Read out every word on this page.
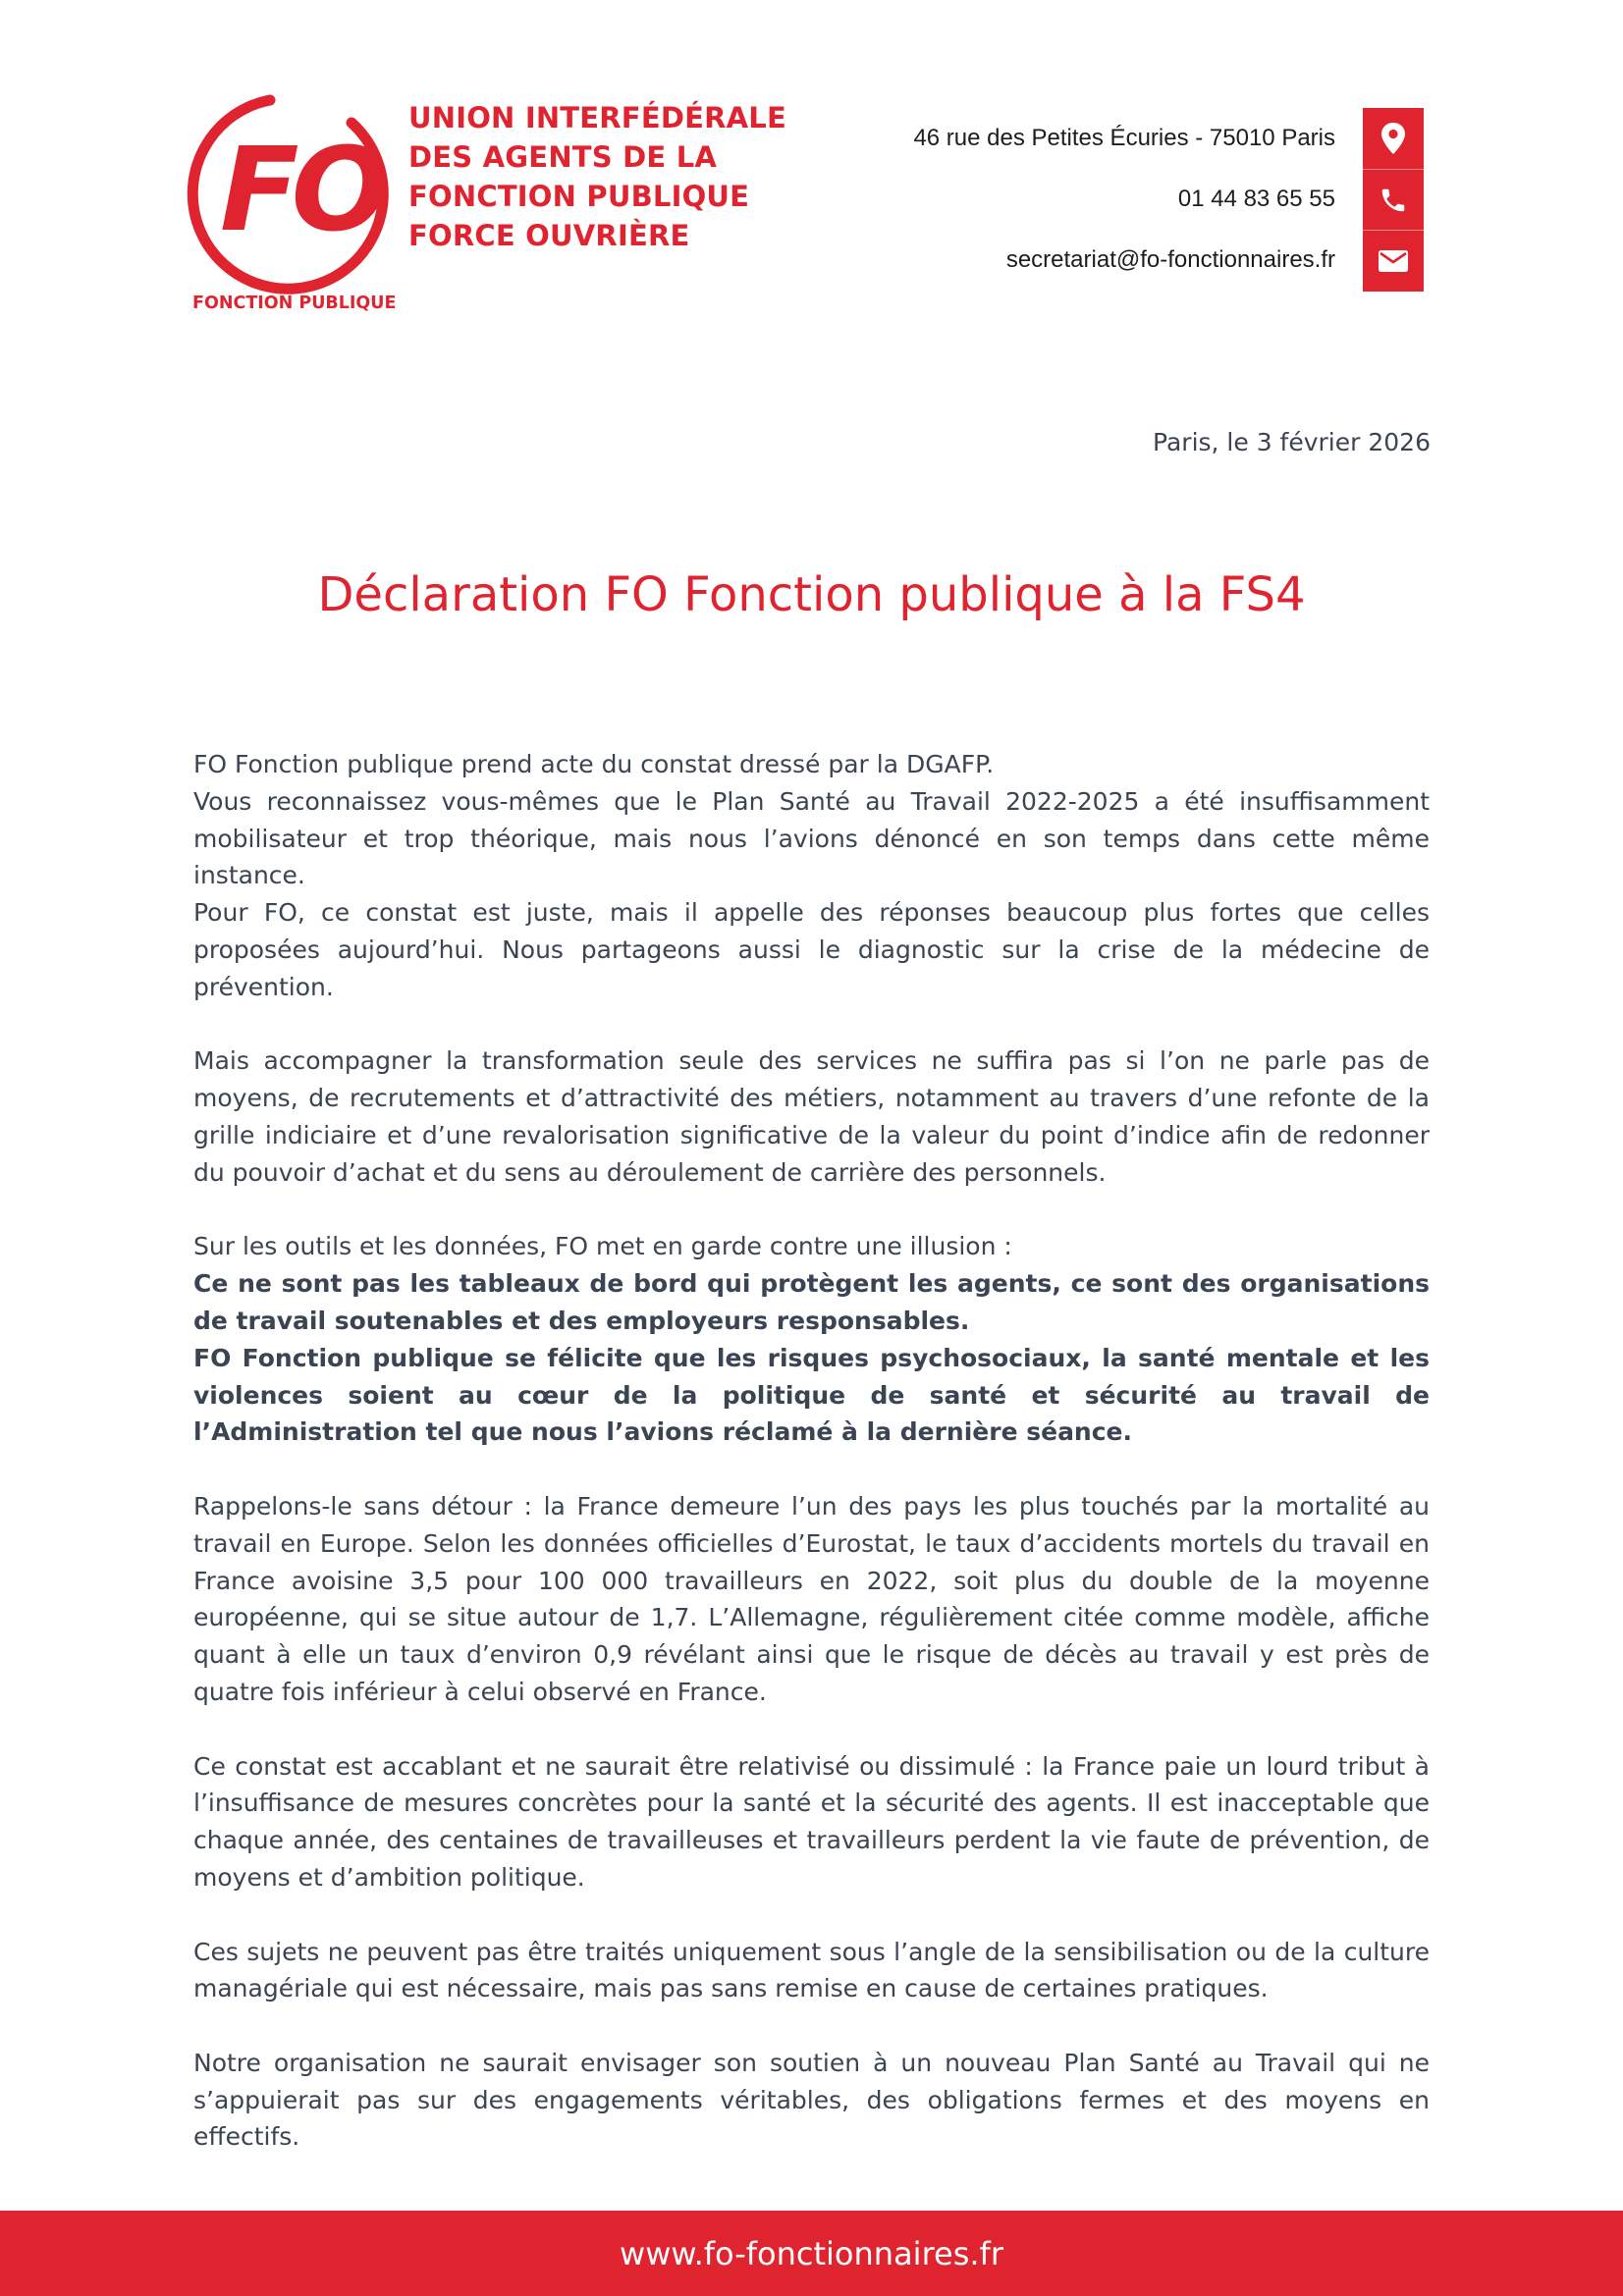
FO
FONCTION PUBLIQUE
UNION INTERFÉDÉRALE
DES AGENTS DE LA
FONCTION PUBLIQUE
FORCE OUVRIÈRE
46 rue des Petites Écuries - 75010 Paris
01 44 83 65 55
secretariat@fo-fonctionnaires.fr
Paris, le 3 février 2026
Déclaration FO Fonction publique à la FS4

FO Fonction publique prend acte du constat dressé par la DGAFP.
Vous reconnaissez vous-mêmes que le Plan Santé au Travail 2022-2025 a été insuffisamment mobilisateur et trop théorique, mais nous l’avions dénoncé en son temps dans cette même instance.
Pour FO, ce constat est juste, mais il appelle des réponses beaucoup plus fortes que celles proposées aujourd’hui. Nous partageons aussi le diagnostic sur la crise de la médecine de prévention.

Mais accompagner la transformation seule des services ne suffira pas si l’on ne parle pas de moyens, de recrutements et d’attractivité des métiers, notamment au travers d’une refonte de la grille indiciaire et d’une revalorisation significative de la valeur du point d’indice afin de redonner du pouvoir d’achat et du sens au déroulement de carrière des personnels.

Sur les outils et les données, FO met en garde contre une illusion :
Ce ne sont pas les tableaux de bord qui protègent les agents, ce sont des organisations de travail soutenables et des employeurs responsables.
FO Fonction publique se félicite que les risques psychosociaux, la santé mentale et les violences soient au cœur de la politique de santé et sécurité au travail de l’Administration tel que nous l’avions réclamé à la dernière séance.

Rappelons-le sans détour : la France demeure l’un des pays les plus touchés par la mortalité au travail en Europe. Selon les données officielles d’Eurostat, le taux d’accidents mortels du travail en France avoisine 3,5 pour 100 000 travailleurs en 2022, soit plus du double de la moyenne européenne, qui se situe autour de 1,7. L’Allemagne, régulièrement citée comme modèle, affiche quant à elle un taux d’environ 0,9 révélant ainsi que le risque de décès au travail y est près de quatre fois inférieur à celui observé en France.

Ce constat est accablant et ne saurait être relativisé ou dissimulé : la France paie un lourd tribut à l’insuffisance de mesures concrètes pour la santé et la sécurité des agents. Il est inacceptable que chaque année, des centaines de travailleuses et travailleurs perdent la vie faute de prévention, de moyens et d’ambition politique.

Ces sujets ne peuvent pas être traités uniquement sous l’angle de la sensibilisation ou de la culture managériale qui est nécessaire, mais pas sans remise en cause de certaines pratiques.

Notre organisation ne saurait envisager son soutien à un nouveau Plan Santé au Travail qui ne s’appuierait pas sur des engagements véritables, des obligations fermes et des moyens en effectifs.

www.fo-fonctionnaires.fr
